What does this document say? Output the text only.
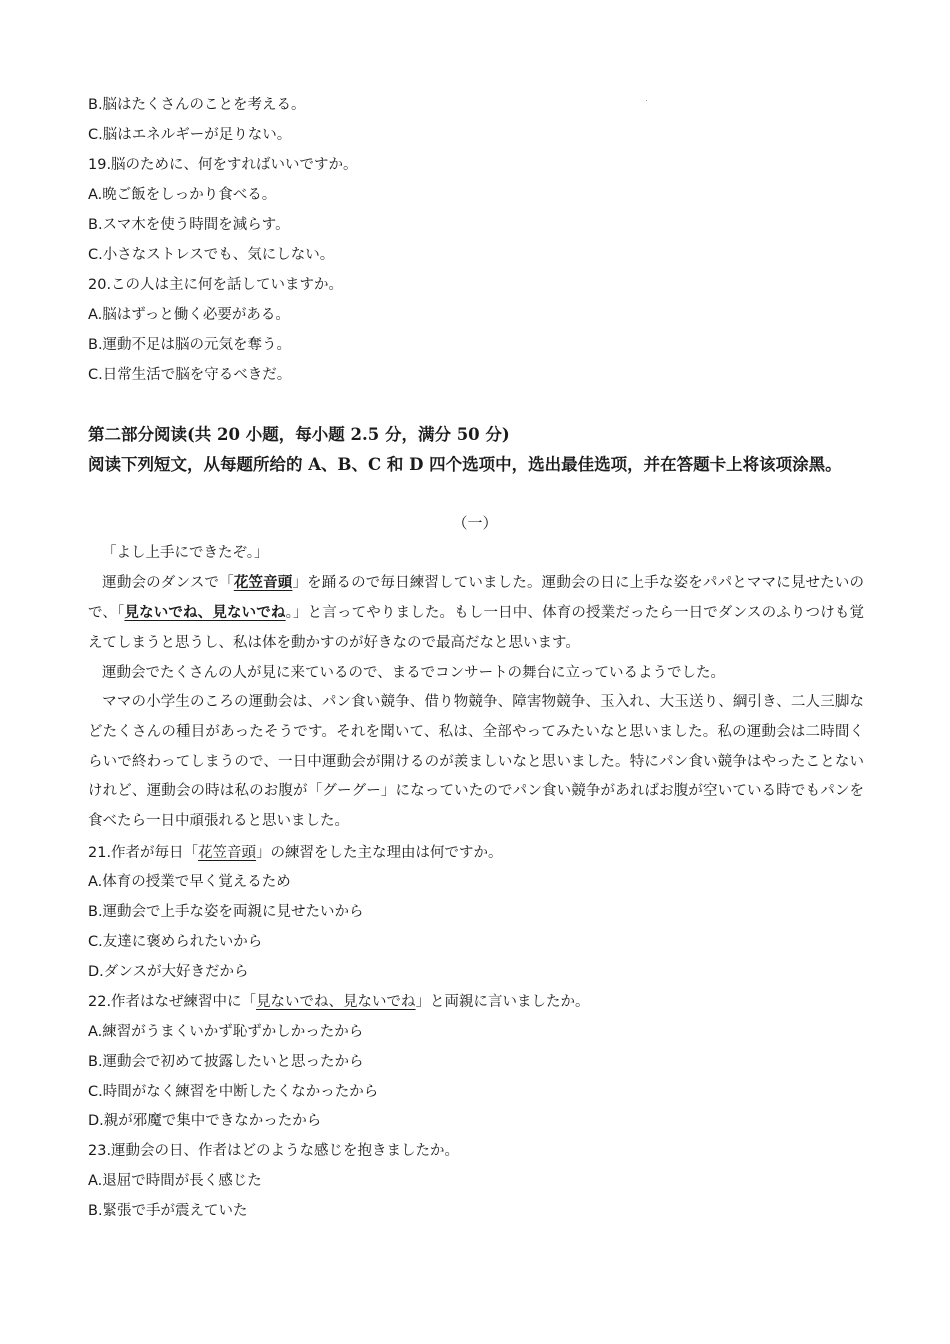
B.脳はたくさんのことを考える。
C.脳はエネルギーが足りない。
19.脳のために、何をすればいいですか。
A.晩ご飯をしっかり食べる。
B.スマ木を使う時間を減らす。
C.小さなストレスでも、気にしない。
20.この人は主に何を話していますか。
A.脳はずっと働く必要がある。
B.運動不足は脳の元気を奪う。
C.日常生活で脳を守るべきだ。
第二部分阅读(共 20 小题，每小题 2.5 分，满分 50 分)
阅读下列短文，从每题所给的 A、B、C 和 D 四个选项中，选出最佳选项，并在答题卡上将该项涂黑。
（一）
「よし上手にできたぞ。」
運動会のダンスで「花笠音頭」を踊るので毎日練習していました。運動会の日に上手な姿をパパとママに見せたいので、「見ないでね、見ないでね。」と言ってやりました。もし一日中、体育の授業だったら一日でダンスのふりつけも覚えてしまうと思うし、私は体を動かすのが好きなので最高だなと思います。
運動会でたくさんの人が見に来ているので、まるでコンサートの舞台に立っているようでした。
ママの小学生のころの運動会は、パン食い競争、借り物競争、障害物競争、玉入れ、大玉送り、綱引き、二人三脚などたくさんの種目があったそうです。それを聞いて、私は、全部やってみたいなと思いました。私の運動会は二時間くらいで終わってしまうので、一日中運動会が開けるのが羨ましいなと思いました。特にパン食い競争はやったことないけれど、運動会の時は私のお腹が「グーグー」になっていたのでパン食い競争があればお腹が空いている時でもパンを食べたら一日中頑張れると思いました。
21.作者が毎日「花笠音頭」の練習をした主な理由は何ですか。
A.体育の授業で早く覚えるため
B.運動会で上手な姿を両親に見せたいから
C.友達に褒められたいから
D.ダンスが大好きだから
22.作者はなぜ練習中に「見ないでね、見ないでね」と両親に言いましたか。
A.練習がうまくいかず恥ずかしかったから
B.運動会で初めて披露したいと思ったから
C.時間がなく練習を中断したくなかったから
D.親が邪魔で集中できなかったから
23.運動会の日、作者はどのような感じを抱きましたか。
A.退屈で時間が長く感じた
B.緊張で手が震えていた
